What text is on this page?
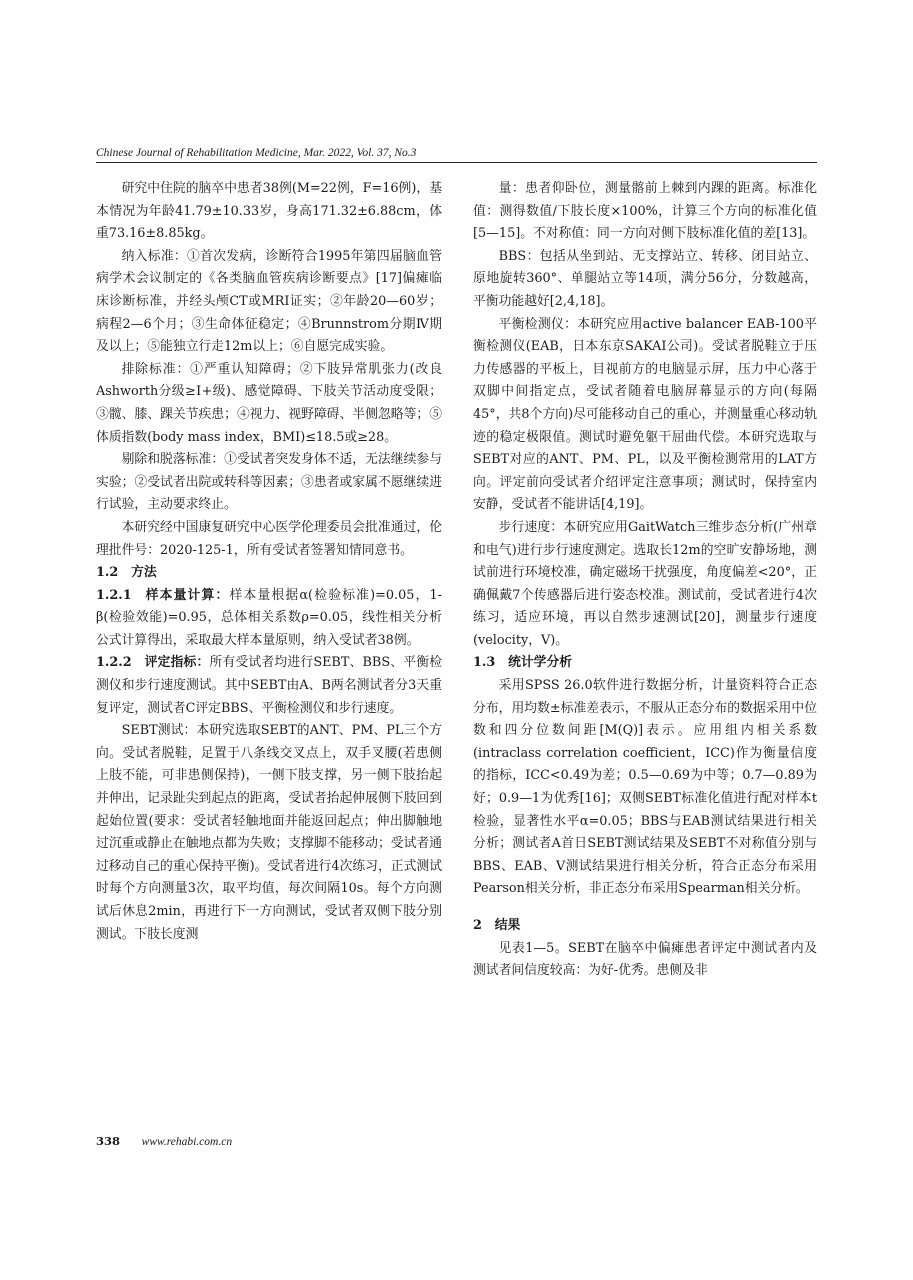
Chinese Journal of Rehabilitation Medicine, Mar. 2022, Vol. 37, No.3

研究中住院的脑卒中患者38例(M=22例，F=16例)，基本情况为年龄41.79±10.33岁，身高171.32±6.88cm，体重73.16±8.85kg。

纳入标准：①首次发病，诊断符合1995年第四届脑血管病学术会议制定的《各类脑血管疾病诊断要点》[17]偏瘫临床诊断标准，并经头颅CT或MRI证实；②年龄20—60岁；病程2—6个月；③生命体征稳定；④Brunnstrom分期Ⅳ期及以上；⑤能独立行走12m以上；⑥自愿完成实验。

排除标准：①严重认知障碍；②下肢异常肌张力(改良Ashworth分级≥Ⅰ+级)、感觉障碍、下肢关节活动度受限；③髋、膝、踝关节疾患；④视力、视野障碍、半侧忽略等；⑤体质指数(body mass index，BMI)≤18.5或≥28。

剔除和脱落标准：①受试者突发身体不适，无法继续参与实验；②受试者出院或转科等因素；③患者或家属不愿继续进行试验，主动要求终止。

本研究经中国康复研究中心医学伦理委员会批准通过，伦理批件号：2020-125-1，所有受试者签署知情同意书。

1.2  方法

1.2.1  样本量计算：样本量根据α(检验标准)=0.05，1-β(检验效能)=0.95，总体相关系数ρ=0.05，线性相关分析公式计算得出，采取最大样本量原则，纳入受试者38例。

1.2.2  评定指标：所有受试者均进行SEBT、BBS、平衡检测仪和步行速度测试。其中SEBT由A、B两名测试者分3天重复评定，测试者C评定BBS、平衡检测仪和步行速度。

SEBT测试：本研究选取SEBT的ANT、PM、PL三个方向。受试者脱鞋，足置于八条线交叉点上，双手叉腰(若患侧上肢不能，可非患侧保持)，一侧下肢支撑，另一侧下肢抬起并伸出，记录趾尖到起点的距离，受试者抬起伸展侧下肢回到起始位置(要求：受试者轻触地面并能返回起点；伸出脚触地过沉重或静止在触地点都为失败；支撑脚不能移动；受试者通过移动自己的重心保持平衡)。受试者进行4次练习，正式测试时每个方向测量3次，取平均值，每次间隔10s。每个方向测试后休息2min，再进行下一方向测试，受试者双侧下肢分别测试。下肢长度测

量：患者仰卧位，测量髂前上棘到内踝的距离。标准化值：测得数值/下肢长度×100%，计算三个方向的标准化值[5—15]。不对称值：同一方向对侧下肢标准化值的差[13]。

BBS：包括从坐到站、无支撑站立、转移、闭目站立、原地旋转360°、单腿站立等14项，满分56分，分数越高，平衡功能越好[2,4,18]。

平衡检测仪：本研究应用active balancer EAB-100平衡检测仪(EAB，日本东京SAKAI公司)。受试者脱鞋立于压力传感器的平板上，目视前方的电脑显示屏，压力中心落于双脚中间指定点，受试者随着电脑屏幕显示的方向(每隔45°，共8个方向)尽可能移动自己的重心，并测量重心移动轨迹的稳定极限值。测试时避免躯干屈曲代偿。本研究选取与SEBT对应的ANT、PM、PL，以及平衡检测常用的LAT方向。评定前向受试者介绍评定注意事项；测试时，保持室内安静，受试者不能讲话[4,19]。

步行速度：本研究应用GaitWatch三维步态分析(广州章和电气)进行步行速度测定。选取长12m的空旷安静场地，测试前进行环境校准，确定磁场干扰强度，角度偏差<20°，正确佩戴7个传感器后进行姿态校准。测试前，受试者进行4次练习，适应环境，再以自然步速测试[20]，测量步行速度(velocity，V)。

1.3  统计学分析

采用SPSS 26.0软件进行数据分析，计量资料符合正态分布，用均数±标准差表示，不服从正态分布的数据采用中位数和四分位数间距[M(Q)]表示。应用组内相关系数(intraclass correlation coefficient，ICC)作为衡量信度的指标，ICC<0.49为差；0.5—0.69为中等；0.7—0.89为好；0.9—1为优秀[16]；双侧SEBT标准化值进行配对样本t检验，显著性水平α=0.05；BBS与EAB测试结果进行相关分析；测试者A首日SEBT测试结果及SEBT不对称值分别与BBS、EAB、V测试结果进行相关分析，符合正态分布采用Pearson相关分析，非正态分布采用Spearman相关分析。

2  结果

见表1—5。SEBT在脑卒中偏瘫患者评定中测试者内及测试者间信度较高：为好-优秀。患侧及非

338 www.rehabi.com.cn
